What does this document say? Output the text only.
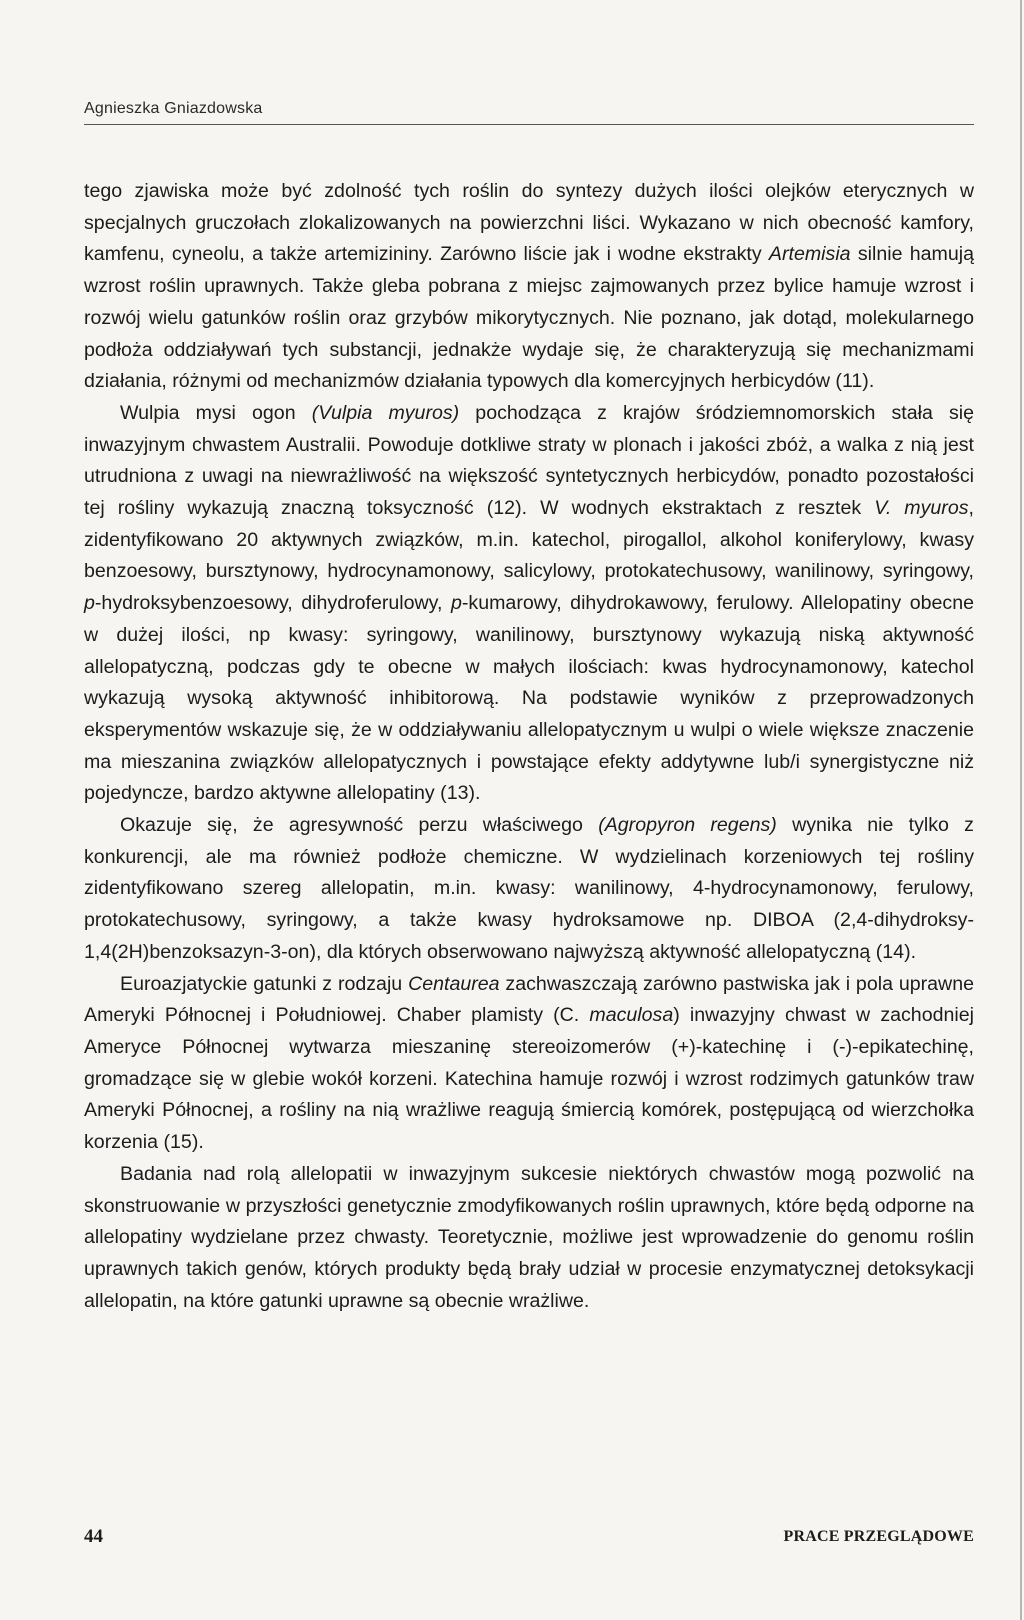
Agnieszka Gniazdowska

tego zjawiska może być zdolność tych roślin do syntezy dużych ilości olejków eterycznych w specjalnych gruczołach zlokalizowanych na powierzchni liści. Wykazano w nich obecność kamfory, kamfenu, cyneolu, a także artemizininy. Zarówno liście jak i wodne ekstrakty Artemisia silnie hamują wzrost roślin uprawnych. Także gleba pobrana z miejsc zajmowanych przez bylice hamuje wzrost i rozwój wielu gatunków roślin oraz grzybów mikorytycznych. Nie poznano, jak dotąd, molekularnego podłoża oddziaływań tych substancji, jednakże wydaje się, że charakteryzują się mechanizmami działania, różnymi od mechanizmów działania typowych dla komercyjnych herbicydów (11).

Wulpia mysi ogon (Vulpia myuros) pochodząca z krajów śródziemnomorskich stała się inwazyjnym chwastem Australii. Powoduje dotkliwe straty w plonach i jakości zbóż, a walka z nią jest utrudniona z uwagi na niewrażliwość na większość syntetycznych herbicydów, ponadto pozostałości tej rośliny wykazują znaczną toksyczność (12). W wodnych ekstraktach z resztek V. myuros, zidentyfikowano 20 aktywnych związków, m.in. katechol, pirogallol, alkohol koniferylowy, kwasy benzoesowy, bursztynowy, hydrocynamonowy, salicylowy, protokatechusowy, wanilinowy, syringowy, p-hydroksybenzoesowy, dihydroferulowy, p-kumarowy, dihydrokawowy, ferulowy. Allelopatiny obecne w dużej ilości, np kwasy: syringowy, wanilinowy, bursztynowy wykazują niską aktywność allelopatyczną, podczas gdy te obecne w małych ilościach: kwas hydrocynamonowy, katechol wykazują wysoką aktywność inhibitorową. Na podstawie wyników z przeprowadzonych eksperymentów wskazuje się, że w oddziaływaniu allelopatycznym u wulpi o wiele większe znaczenie ma mieszanina związków allelopatycznych i powstające efekty addytywne lub/i synergistyczne niż pojedyncze, bardzo aktywne allelopatiny (13).

Okazuje się, że agresywność perzu właściwego (Agropyron regens) wynika nie tylko z konkurencji, ale ma również podłoże chemiczne. W wydzielinach korzeniowych tej rośliny zidentyfikowano szereg allelopatin, m.in. kwasy: wanilinowy, 4-hydrocynamonowy, ferulowy, protokatechusowy, syringowy, a także kwasy hydroksamowe np. DIBOA (2,4-dihydroksy-1,4(2H)benzoksazyn-3-on), dla których obserwowano najwyższą aktywność allelopatyczną (14).

Euroazjatyckie gatunki z rodzaju Centaurea zachwaszczają zarówno pastwiska jak i pola uprawne Ameryki Północnej i Południowej. Chaber plamisty (C. maculosa) inwazyjny chwast w zachodniej Ameryce Północnej wytwarza mieszaninę stereoizomerów (+)-katechinę i (-)-epikatechinę, gromadzące się w glebie wokół korzeni. Katechina hamuje rozwój i wzrost rodzimych gatunków traw Ameryki Północnej, a rośliny na nią wrażliwe reagują śmiercią komórek, postępującą od wierzchołka korzenia (15).

Badania nad rolą allelopatii w inwazyjnym sukcesie niektórych chwastów mogą pozwolić na skonstruowanie w przyszłości genetycznie zmodyfikowanych roślin uprawnych, które będą odporne na allelopatiny wydzielane przez chwasty. Teoretycznie, możliwe jest wprowadzenie do genomu roślin uprawnych takich genów, których produkty będą brały udział w procesie enzymatycznej detoksykacji allelopatin, na które gatunki uprawne są obecnie wrażliwe.

44	PRACE PRZEGLĄDOWE
